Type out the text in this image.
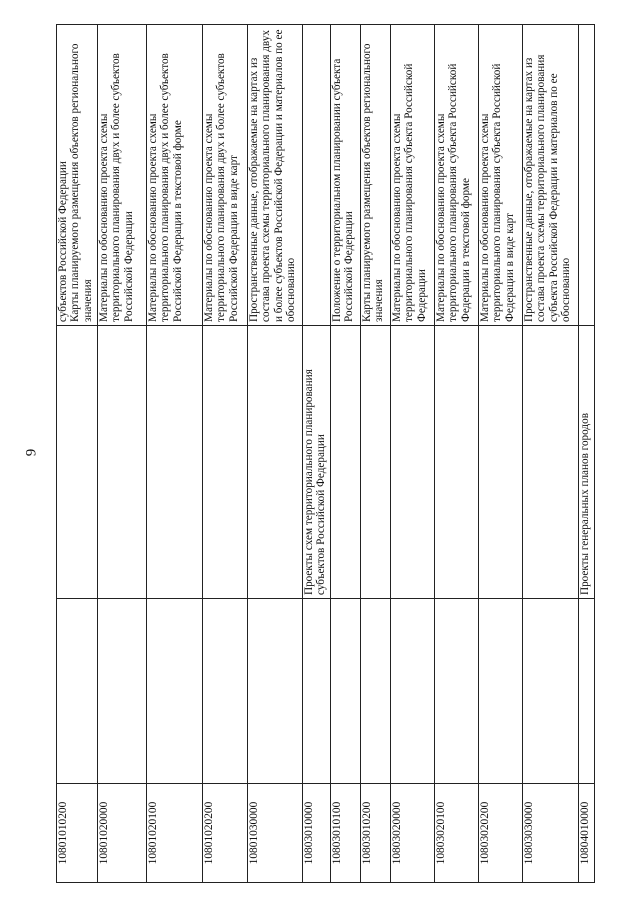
9
10801010200			субъектов Российской Федерации
Карты планируемого размещения объектов регионального значения
10801020000			Материалы по обоснованию проекта схемы территориального планирования двух и более субъектов Российской Федерации
10801020100			Материалы по обоснованию проекта схемы территориального планирования двух и более субъектов Российской Федерации в текстовой форме
10801020200			Материалы по обоснованию проекта схемы территориального планирования двух и более субъектов Российской Федерации в виде карт
10801030000			Пространственные данные, отображаемые на картах из состава проекта схемы территориального планирования двух и более субъектов Российской Федерации и материалов по ее обоснованию
10803010000		Проекты схем территориального планирования субъектов Российской Федерации	
10803010100			Положение о территориальном планировании субъекта Российской Федерации
10803010200			Карты планируемого размещения объектов регионального значения
10803020000			Материалы по обоснованию проекта схемы территориального планирования субъекта Российской Федерации
10803020100			Материалы по обоснованию проекта схемы территориального планирования субъекта Российской Федерации в текстовой форме
10803020200			Материалы по обоснованию проекта схемы территориального планирования субъекта Российской Федерации в виде карт
10803030000			Пространственные данные, отображаемые на картах из состава проекта схемы территориального планирования субъекта Российской Федерации и материалов по ее обоснованию
10804010000		Проекты генеральных планов городов	
